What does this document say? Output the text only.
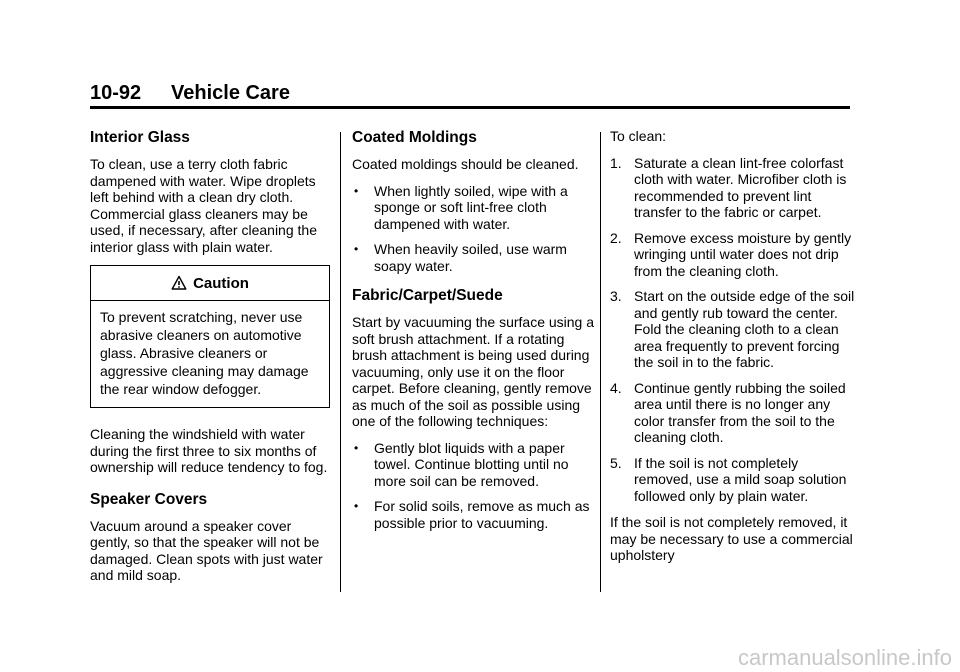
10-92 Vehicle Care
Interior Glass

To clean, use a terry cloth fabric dampened with water. Wipe droplets left behind with a clean dry cloth. Commercial glass cleaners may be used, if necessary, after cleaning the interior glass with plain water.

Caution
To prevent scratching, never use abrasive cleaners on automotive glass. Abrasive cleaners or aggressive cleaning may damage the rear window defogger.

Cleaning the windshield with water during the first three to six months of ownership will reduce tendency to fog.

Speaker Covers

Vacuum around a speaker cover gently, so that the speaker will not be damaged. Clean spots with just water and mild soap.

Coated Moldings

Coated moldings should be cleaned.

• When lightly soiled, wipe with a sponge or soft lint-free cloth dampened with water.
• When heavily soiled, use warm soapy water.
Fabric/Carpet/Suede

Start by vacuuming the surface using a soft brush attachment. If a rotating brush attachment is being used during vacuuming, only use it on the floor carpet. Before cleaning, gently remove as much of the soil as possible using one of the following techniques:

• Gently blot liquids with a paper towel. Continue blotting until no more soil can be removed.
• For solid soils, remove as much as possible prior to vacuuming.

To clean:

1. Saturate a clean lint-free colorfast cloth with water. Microfiber cloth is recommended to prevent lint transfer to the fabric or carpet.
2. Remove excess moisture by gently wringing until water does not drip from the cleaning cloth.
3. Start on the outside edge of the soil and gently rub toward the center. Fold the cleaning cloth to a clean area frequently to prevent forcing the soil in to the fabric.
4. Continue gently rubbing the soiled area until there is no longer any color transfer from the soil to the cleaning cloth.
5. If the soil is not completely removed, use a mild soap solution followed only by plain water.

If the soil is not completely removed, it may be necessary to use a commercial upholstery

carmanualsonline.info
